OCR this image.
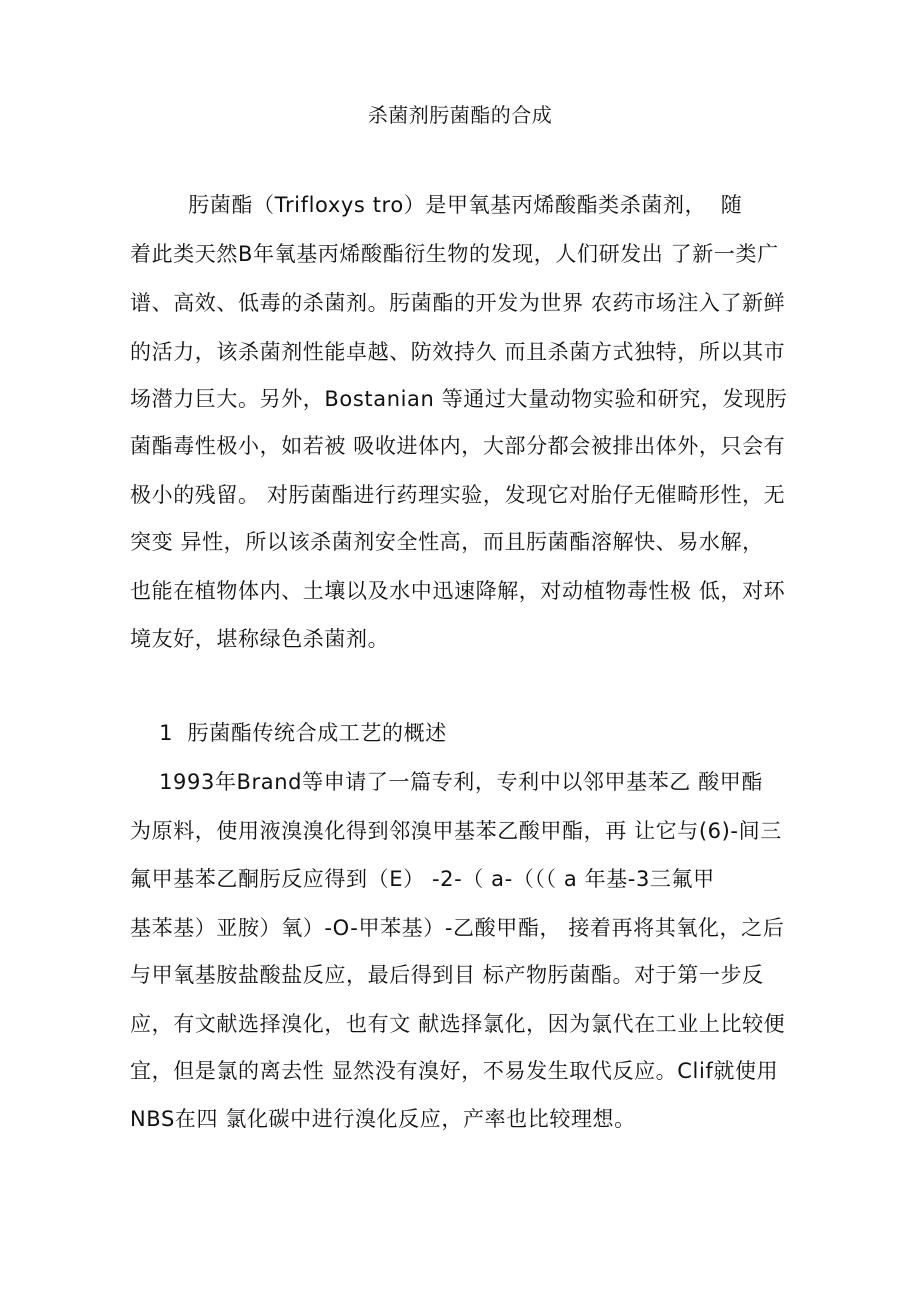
杀菌剂肟菌酯的合成
肟菌酯（Trifloxys tro）是甲氧基丙烯酸酯类杀菌剂，  随
着此类天然B年氧基丙烯酸酯衍生物的发现，人们研发出 了新一类广
谱、高效、低毒的杀菌剂。肟菌酯的开发为世界 农药市场注入了新鲜
的活力，该杀菌剂性能卓越、防效持久 而且杀菌方式独特，所以其市
场潜力巨大。另外，Bostanian 等通过大量动物实验和研究，发现肟
菌酯毒性极小，如若被 吸收进体内，大部分都会被排出体外，只会有
极小的残留。 对肟菌酯进行药理实验，发现它对胎仔无催畸形性，无
突变 异性，所以该杀菌剂安全性高，而且肟菌酯溶解快、易水解，
也能在植物体内、土壤以及水中迅速降解，对动植物毒性极 低，对环
境友好，堪称绿色杀菌剂。
1  肟菌酯传统合成工艺的概述
1993年Brand等申请了一篇专利，专利中以邻甲基苯乙 酸甲酯
为原料，使用液溴溴化得到邻溴甲基苯乙酸甲酯，再 让它与(6)-间三
氟甲基苯乙酮肟反应得到（E） -2-（ a-（（（ a 年基-3三氟甲
基苯基）亚胺）氧）-O-甲苯基）-乙酸甲酯， 接着再将其氧化，之后
与甲氧基胺盐酸盐反应，最后得到目 标产物肟菌酯。对于第一步反
应，有文献选择溴化，也有文 献选择氯化，因为氯代在工业上比较便
宜，但是氯的离去性 显然没有溴好，不易发生取代反应。Clif就使用
NBS在四 氯化碳中进行溴化反应，产率也比较理想。
